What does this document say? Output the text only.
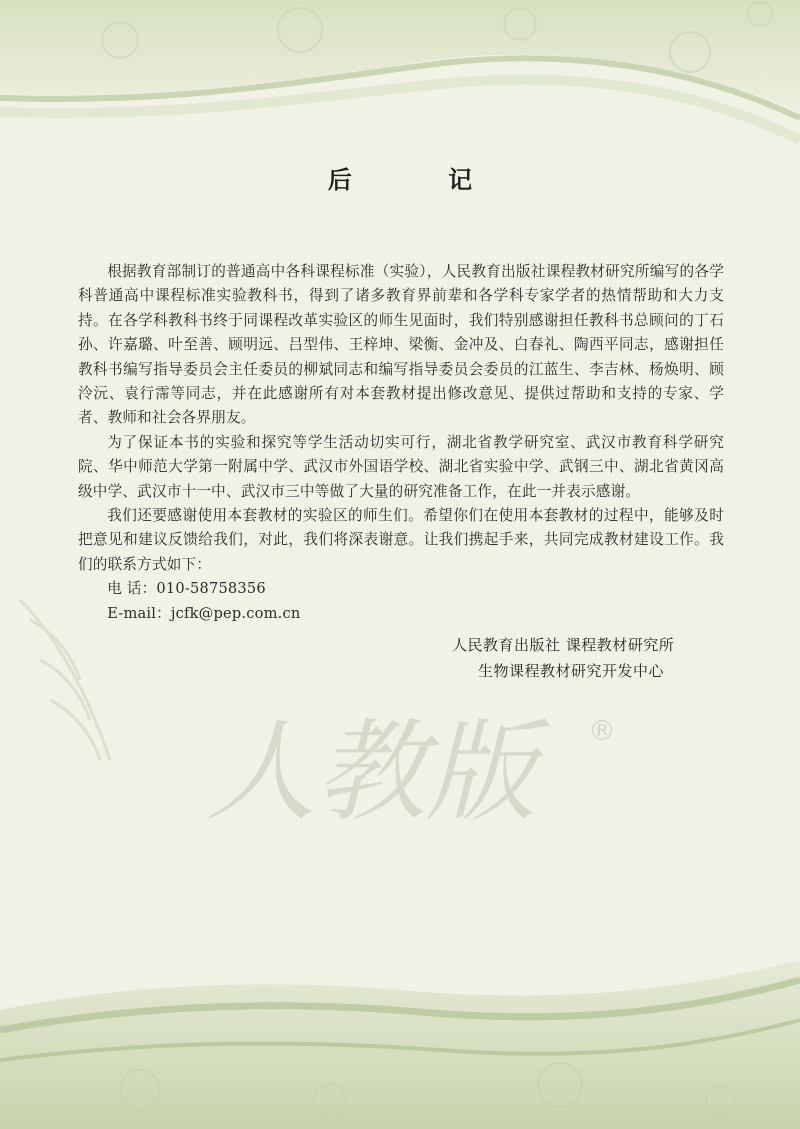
人教版	®
后 记

根据教育部制订的普通高中各科课程标准（实验），人民教育出版社课程教材研究所编写的各学科普通高中课程标准实验教科书，得到了诸多教育界前辈和各学科专家学者的热情帮助和大力支持。在各学科教科书终于同课程改革实验区的师生见面时，我们特别感谢担任教科书总顾问的丁石孙、许嘉璐、叶至善、顾明远、吕型伟、王梓坤、梁衡、金冲及、白春礼、陶西平同志，感谢担任教科书编写指导委员会主任委员的柳斌同志和编写指导委员会委员的江蓝生、李吉林、杨焕明、顾泠沅、袁行霈等同志，并在此感谢所有对本套教材提出修改意见、提供过帮助和支持的专家、学者、教师和社会各界朋友。

为了保证本书的实验和探究等学生活动切实可行，湖北省教学研究室、武汉市教育科学研究院、华中师范大学第一附属中学、武汉市外国语学校、湖北省实验中学、武钢三中、湖北省黄冈高级中学、武汉市十一中、武汉市三中等做了大量的研究准备工作，在此一并表示感谢。

我们还要感谢使用本套教材的实验区的师生们。希望你们在使用本套教材的过程中，能够及时把意见和建议反馈给我们，对此，我们将深表谢意。让我们携起手来，共同完成教材建设工作。我们的联系方式如下：

电 话：010-58758356
E-mail：jcfk@pep.com.cn
人民教育出版社 课程教材研究所
生物课程教材研究开发中心
